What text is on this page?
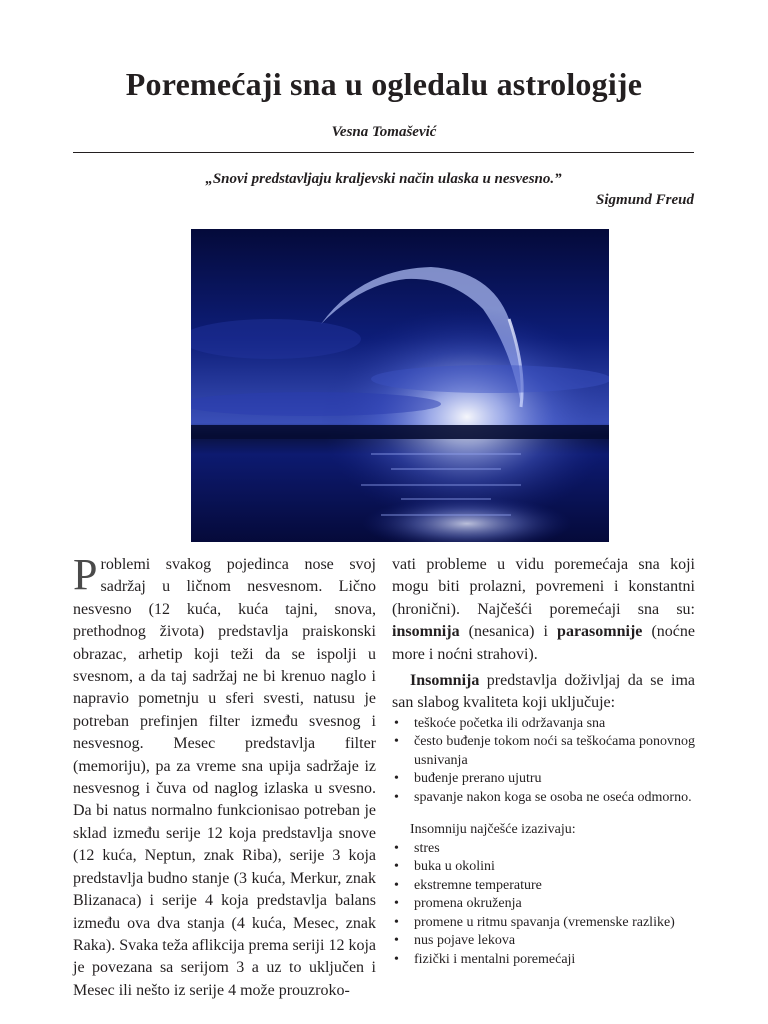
Poremećaji sna u ogledalu astrologije
Vesna Tomašević
„Snovi predstavljaju kraljevski način ulaska u nesvesno.”
Sigmund Freud

Problemi svakog pojedinca nose svoj sadržaj u ličnom nesvesnom. Lično nesvesno (12 kuća, kuća tajni, snova, prethodnog života) predstavlja praiskonski obrazac, arhetip koji teži da se ispolji u svesnom, a da taj sadržaj ne bi krenuo naglo i napravio pometnju u sferi svesti, natusu je potreban prefinjen filter između svesnog i nesvesnog. Mesec predstavlja filter (memoriju), pa za vreme sna upija sadržaje iz nesvesnog i čuva od naglog izlaska u svesno. Da bi natus normalno funkcionisao potreban je sklad između serije 12 koja predstavlja snove (12 kuća, Neptun, znak Riba), serije 3 koja predstavlja budno stanje (3 kuća, Merkur, znak Blizanaca) i serije 4 koja predstavlja balans između ova dva stanja (4 kuća, Mesec, znak Raka). Svaka teža aflikcija prema seriji 12 koja je povezana sa serijom 3 a uz to uključen i Mesec ili nešto iz serije 4 može prouzroko-

vati probleme u vidu poremećaja sna koji mogu biti prolazni, povremeni i konstantni (hronični). Najčešći poremećaji sna su: insomnija (nesanica) i parasomnije (noćne more i noćni strahovi).

Insomnija predstavlja doživljaj da se ima san slabog kvaliteta koji uključuje:

• teškoće početka ili održavanja sna
• često buđenje tokom noći sa teškoćama ponovnog usnivanja
• buđenje prerano ujutru
• spavanje nakon koga se osoba ne oseća odmorno.
Insomniju najčešće izazivaju:
• stres
• buka u okolini
• ekstremne temperature
• promena okruženja
• promene u ritmu spavanja (vremenske razlike)
• nus pojave lekova
• fizički i mentalni poremećaji
